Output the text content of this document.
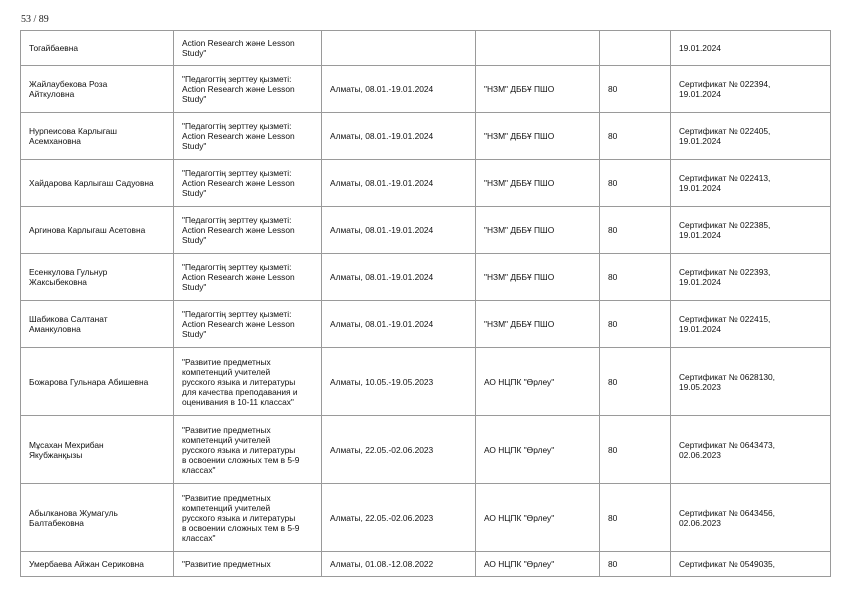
53 / 89
Тогайбаевна	Action Research және Lesson
Study"				19.01.2024
Жайлаубекова Роза
Айткуловна	"Педагогтің зерттеу қызметі:
Action Research және Lesson
Study"	Алматы, 08.01.-19.01.2024	"НЗМ" ДББҰ ПШО	80	Сертификат № 022394,
19.01.2024
Нурпеисова Карлыгаш
Асемхановна	"Педагогтің зерттеу қызметі:
Action Research және Lesson
Study"	Алматы, 08.01.-19.01.2024	"НЗМ" ДББҰ ПШО	80	Сертификат № 022405,
19.01.2024
Хайдарова Карлыгаш Садуовна	"Педагогтің зерттеу қызметі:
Action Research және Lesson
Study"	Алматы, 08.01.-19.01.2024	"НЗМ" ДББҰ ПШО	80	Сертификат № 022413,
19.01.2024
Аргинова Карлыгаш Асетовна	"Педагогтің зерттеу қызметі:
Action Research және Lesson
Study"	Алматы, 08.01.-19.01.2024	"НЗМ" ДББҰ ПШО	80	Сертификат № 022385,
19.01.2024
Есенкулова Гульнур
Жаксыбековна	"Педагогтің зерттеу қызметі:
Action Research және Lesson
Study"	Алматы, 08.01.-19.01.2024	"НЗМ" ДББҰ ПШО	80	Сертификат № 022393,
19.01.2024
Шабикова Салтанат
Аманкуловна	"Педагогтің зерттеу қызметі:
Action Research және Lesson
Study"	Алматы, 08.01.-19.01.2024	"НЗМ" ДББҰ ПШО	80	Сертификат № 022415,
19.01.2024
Божарова Гульнара Абишевна	"Развитие предметных
компетенций учителей
русского языка и литературы
для качества преподавания и
оценивания в 10-11 классах"	Алматы, 10.05.-19.05.2023	АО НЦПК "Өрлеу"	80	Сертификат № 0628130,
19.05.2023
Мұсахан Мехрибан
Якубжанқызы	"Развитие предметных
компетенций учителей
русского языка и литературы
в освоении сложных тем в 5-9
классах"	Алматы, 22.05.-02.06.2023	АО НЦПК "Өрлеу"	80	Сертификат № 0643473,
02.06.2023
Абылканова Жумагуль
Балтабековна	"Развитие предметных
компетенций учителей
русского языка и литературы
в освоении сложных тем в 5-9
классах"	Алматы, 22.05.-02.06.2023	АО НЦПК "Өрлеу"	80	Сертификат № 0643456,
02.06.2023
Умербаева Айжан Сериковна	"Развитие предметных	Алматы, 01.08.-12.08.2022	АО НЦПК "Өрлеу"	80	Сертификат № 0549035,
